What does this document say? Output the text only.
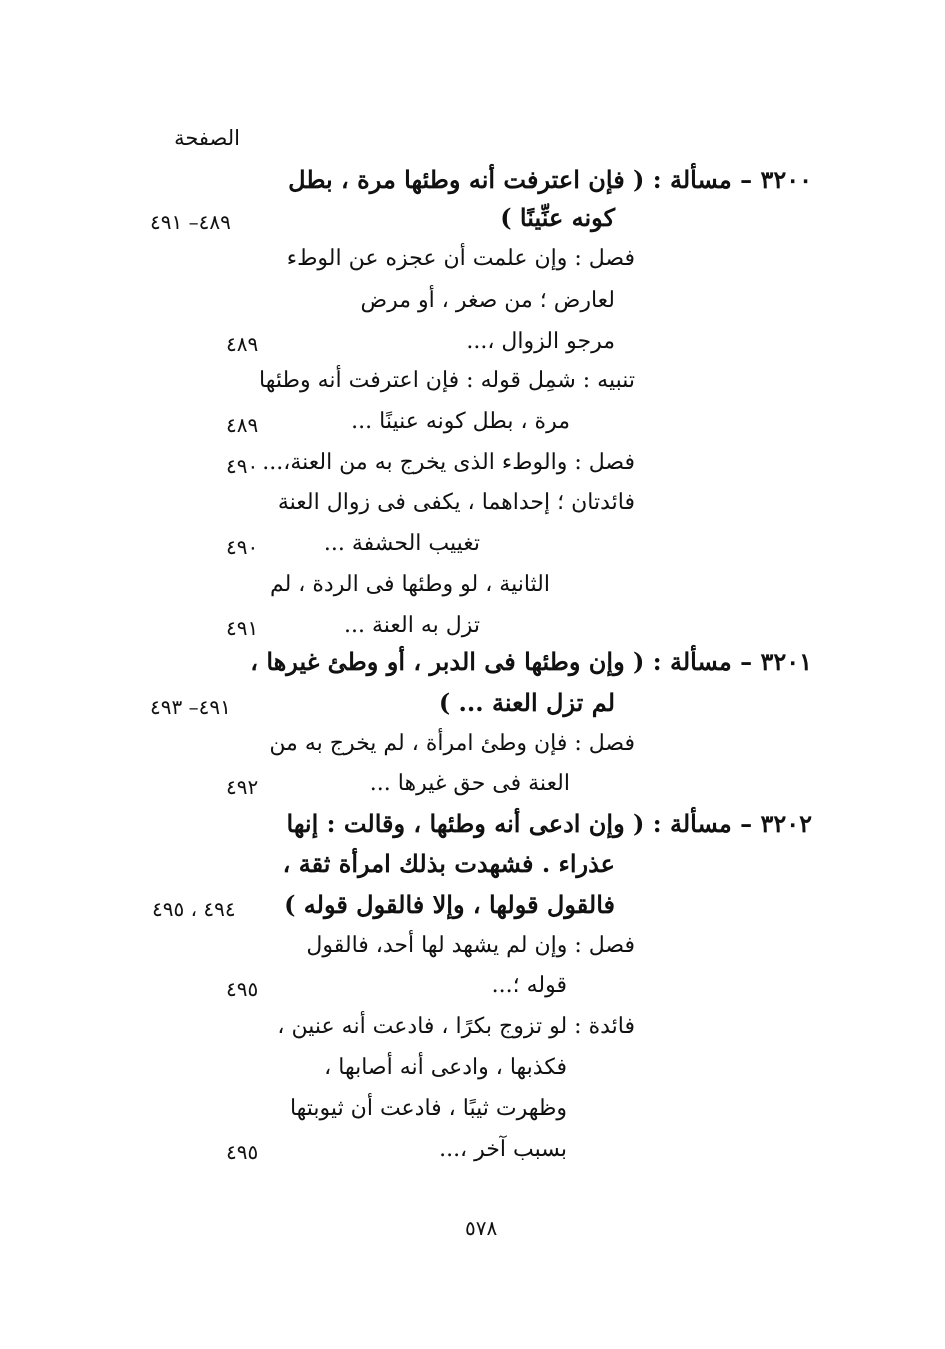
الصفحة
٣٢٠٠ – مسألة : ( فإن اعترفت أنه وطئها مرة ، بطل
كونه عنِّينًا )
٤٨٩– ٤٩١
فصل : وإن علمت أن عجزه عن الوطء
لعارض ؛ من صغر ، أو مرض
مرجو الزوال ،...
٤٨٩
تنبيه : شمِل قوله : فإن اعترفت أنه وطئها
مرة ، بطل كونه عنينًا ...
٤٨٩
فصل : والوطء الذى يخرج به من العنة،...
٤٩٠
فائدتان ؛ إحداهما ، يكفى فى زوال العنة
تغييب الحشفة ...
٤٩٠
الثانية ، لو وطئها فى الردة ، لم
تزل به العنة ...
٤٩١
٣٢٠١ – مسألة : ( وإن وطئها فى الدبر ، أو وطئ غيرها ،
لم تزل العنة ... )
٤٩١– ٤٩٣
فصل : فإن وطئ امرأة ، لم يخرج به من
العنة فى حق غيرها ...
٤٩٢
٣٢٠٢ – مسألة : ( وإن ادعى أنه وطئها ، وقالت : إنها
عذراء . فشهدت بذلك امرأة ثقة ،
فالقول قولها ، وإلا فالقول قوله )
٤٩٤ ، ٤٩٥
فصل : وإن لم يشهد لها أحد، فالقول
قوله ؛...
٤٩٥
فائدة : لو تزوج بكرًا ، فادعت أنه عنين ،
فكذبها ، وادعى أنه أصابها ،
وظهرت ثيبًا ، فادعت أن ثيوبتها
بسبب آخر ،...
٤٩٥
٥٧٨
